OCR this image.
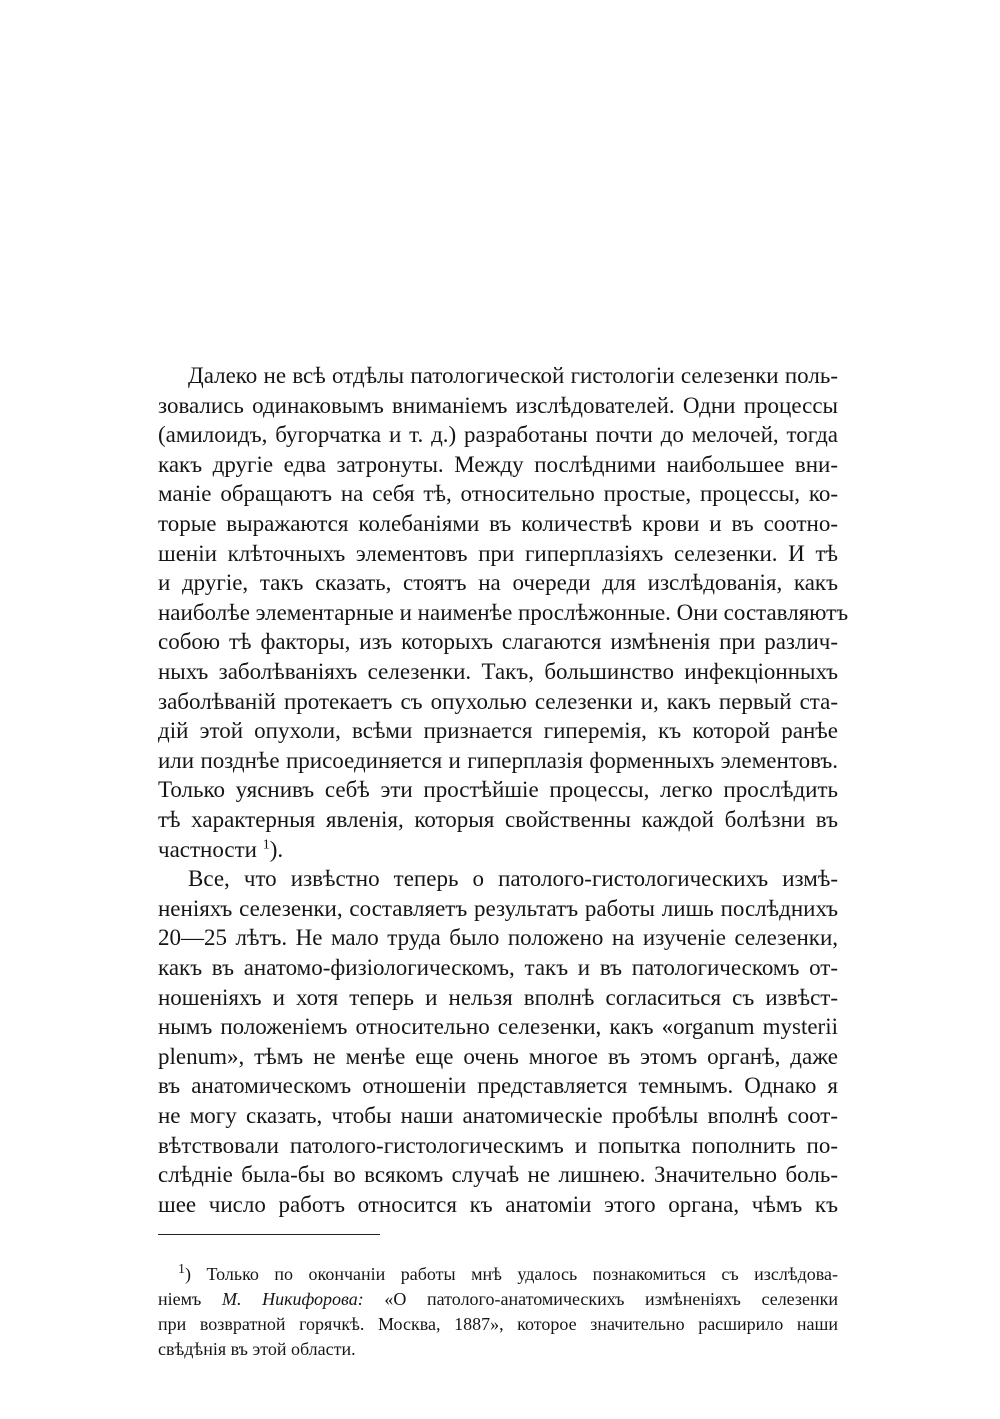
Далеко не всѣ отдѣлы патологической гистологіи селезенки поль-
зовались одинаковымъ вниманіемъ изслѣдователей. Одни процессы
(амилоидъ, бугорчатка и т. д.) разработаны почти до мелочей, тогда
какъ другіе едва затронуты. Между послѣдними наибольшее вни-
маніе обращаютъ на себя тѣ, относительно простые, процессы, ко-
торые выражаются колебаніями въ количествѣ крови и въ соотно-
шеніи клѣточныхъ элементовъ при гиперплазіяхъ селезенки. И тѣ
и другіе, такъ сказать, стоятъ на очереди для изслѣдованія, какъ
наиболѣе элементарные и наименѣе прослѣжонные. Они составляютъ
собою тѣ факторы, изъ которыхъ слагаются измѣненія при различ-
ныхъ заболѣваніяхъ селезенки. Такъ, большинство инфекціонныхъ
заболѣваній протекаетъ съ опухолью селезенки и, какъ первый ста-
дій этой опухоли, всѣми признается гиперемія, къ которой ранѣе
или позднѣе присоединяется и гиперплазія форменныхъ элементовъ.
Только уяснивъ себѣ эти простѣйшіе процессы, легко прослѣдить
тѣ характерныя явленія, которыя свойственны каждой болѣзни въ
частности $^1$).
Все, что извѣстно теперь о патолого-гистологическихъ измѣ-
неніяхъ селезенки, составляетъ результатъ работы лишь послѣднихъ
20—25 лѣтъ. Не мало труда было положено на изученіе селезенки,
какъ въ анатомо-физіологическомъ, такъ и въ патологическомъ от-
ношеніяхъ и хотя теперь и нельзя вполнѣ согласиться съ извѣст-
нымъ положеніемъ относительно селезенки, какъ «organum mysterii
plenum», тѣмъ не менѣе еще очень многое въ этомъ органѣ, даже
въ анатомическомъ отношеніи представляется темнымъ. Однако я
не могу сказать, чтобы наши анатомическіе пробѣлы вполнѣ соот-
вѣтствовали патолого-гистологическимъ и попытка пополнить по-
слѣдніе была-бы во всякомъ случаѣ не лишнею. Значительно боль-
шее число работъ относится къ анатоміи этого органа, чѣмъ къ
$^1$) Только по окончаніи работы мнѣ удалось познакомиться съ изслѣдова-
ніемъ М. Никифорова: «О патолого-анатомическихъ измѣненіяхъ селезенки
при возвратной горячкѣ. Москва, 1887», которое значительно расширило наши
свѣдѣнія въ этой области.
